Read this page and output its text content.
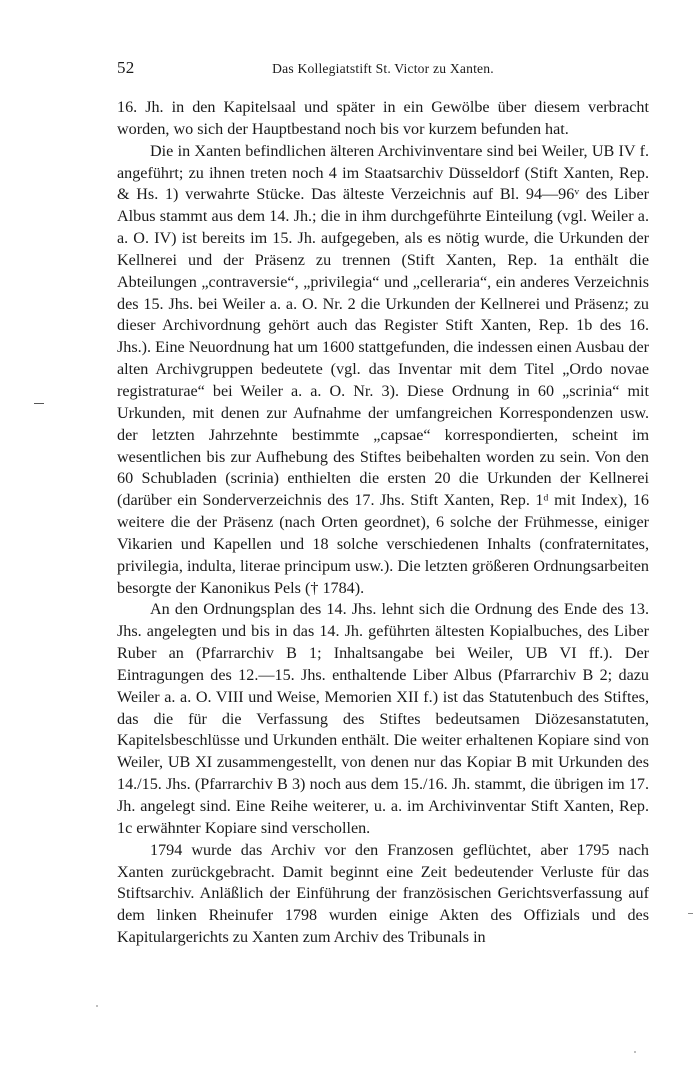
52	Das Kollegiatstift St. Victor zu Xanten.

16. Jh. in den Kapitelsaal und später in ein Gewölbe über diesem verbracht worden, wo sich der Hauptbestand noch bis vor kurzem befunden hat.

Die in Xanten befindlichen älteren Archivinventare sind bei Weiler, UB IV f. angeführt; zu ihnen treten noch 4 im Staatsarchiv Düsseldorf (Stift Xanten, Rep. & Hs. 1) verwahrte Stücke. Das älteste Verzeichnis auf Bl. 94—96ᵛ des Liber Albus stammt aus dem 14. Jh.; die in ihm durchgeführte Einteilung (vgl. Weiler a. a. O. IV) ist bereits im 15. Jh. aufgegeben, als es nötig wurde, die Urkunden der Kellnerei und der Präsenz zu trennen (Stift Xanten, Rep. 1a enthält die Abteilungen „contraversie“, „privilegia“ und „celleraria“, ein anderes Verzeichnis des 15. Jhs. bei Weiler a. a. O. Nr. 2 die Urkunden der Kellnerei und Präsenz; zu dieser Archivordnung gehört auch das Register Stift Xanten, Rep. 1b des 16. Jhs.). Eine Neuordnung hat um 1600 stattgefunden, die indessen einen Ausbau der alten Archivgruppen bedeutete (vgl. das Inventar mit dem Titel „Ordo novae registraturae“ bei Weiler a. a. O. Nr. 3). Diese Ordnung in 60 „scrinia“ mit Urkunden, mit denen zur Aufnahme der umfangreichen Korrespondenzen usw. der letzten Jahrzehnte bestimmte „capsae“ korrespondierten, scheint im wesentlichen bis zur Aufhebung des Stiftes beibehalten worden zu sein. Von den 60 Schubladen (scrinia) enthielten die ersten 20 die Urkunden der Kellnerei (darüber ein Sonderverzeichnis des 17. Jhs. Stift Xanten, Rep. 1ᵈ mit Index), 16 weitere die der Präsenz (nach Orten geordnet), 6 solche der Frühmesse, einiger Vikarien und Kapellen und 18 solche verschiedenen Inhalts (confraternitates, privilegia, indulta, literae principum usw.). Die letzten größeren Ordnungsarbeiten besorgte der Kanonikus Pels († 1784).

An den Ordnungsplan des 14. Jhs. lehnt sich die Ordnung des Ende des 13. Jhs. angelegten und bis in das 14. Jh. geführten ältesten Kopialbuches, des Liber Ruber an (Pfarrarchiv B 1; Inhaltsangabe bei Weiler, UB VI ff.). Der Eintragungen des 12.—15. Jhs. enthaltende Liber Albus (Pfarrarchiv B 2; dazu Weiler a. a. O. VIII und Weise, Memorien XII f.) ist das Statutenbuch des Stiftes, das die für die Verfassung des Stiftes bedeutsamen Diözesanstatuten, Kapitelsbeschlüsse und Urkunden enthält. Die weiter erhaltenen Kopiare sind von Weiler, UB XI zusammengestellt, von denen nur das Kopiar B mit Urkunden des 14./15. Jhs. (Pfarrarchiv B 3) noch aus dem 15./16. Jh. stammt, die übrigen im 17. Jh. angelegt sind. Eine Reihe weiterer, u. a. im Archivinventar Stift Xanten, Rep. 1c erwähnter Kopiare sind verschollen.

1794 wurde das Archiv vor den Franzosen geflüchtet, aber 1795 nach Xanten zurückgebracht. Damit beginnt eine Zeit bedeutender Verluste für das Stiftsarchiv. Anläßlich der Einführung der französischen Gerichtsverfassung auf dem linken Rheinufer 1798 wurden einige Akten des Offizials und des Kapitulargerichts zu Xanten zum Archiv des Tribunals in
